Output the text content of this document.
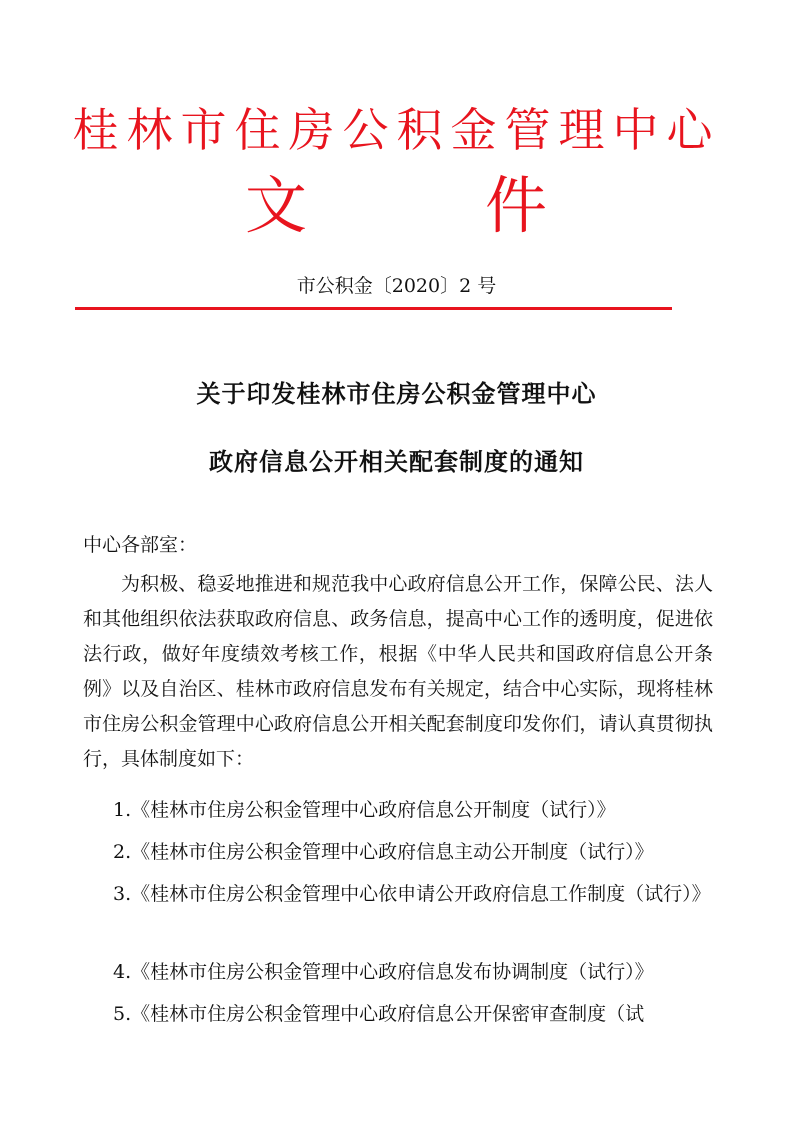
桂林市住房公积金管理中心
文	件
市公积金〔2020〕2 号
关于印发桂林市住房公积金管理中心
政府信息公开相关配套制度的通知
中心各部室：
为积极、稳妥地推进和规范我中心政府信息公开工作，保障公民、法人和其他组织依法获取政府信息、政务信息，提高中心工作的透明度，促进依法行政，做好年度绩效考核工作，根据《中华人民共和国政府信息公开条例》以及自治区、桂林市政府信息发布有关规定，结合中心实际，现将桂林市住房公积金管理中心政府信息公开相关配套制度印发你们，请认真贯彻执行，具体制度如下：
1.《桂林市住房公积金管理中心政府信息公开制度（试行）》
2.《桂林市住房公积金管理中心政府信息主动公开制度（试行）》
3.《桂林市住房公积金管理中心依申请公开政府信息工作制度（试行）》
4.《桂林市住房公积金管理中心政府信息发布协调制度（试行）》
5.《桂林市住房公积金管理中心政府信息公开保密审查制度（试
